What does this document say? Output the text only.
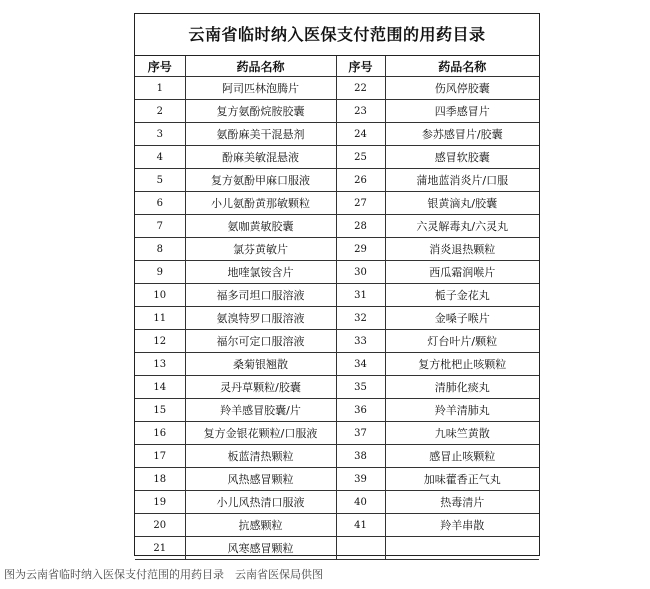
云南省临时纳入医保支付范围的用药目录
序号	药品名称	序号	药品名称
1	阿司匹林泡腾片	22	伤风停胶囊
2	复方氨酚烷胺胶囊	23	四季感冒片
3	氨酚麻美干混悬剂	24	参苏感冒片/胶囊
4	酚麻美敏混悬液	25	感冒软胶囊
5	复方氨酚甲麻口服液	26	蒲地蓝消炎片/口服
6	小儿氨酚黄那敏颗粒	27	银黄滴丸/胶囊
7	氨咖黄敏胶囊	28	六灵解毒丸/六灵丸
8	氯芬黄敏片	29	消炎退热颗粒
9	地喹氯铵含片	30	西瓜霜润喉片
10	福多司坦口服溶液	31	栀子金花丸
11	氨溴特罗口服溶液	32	金嗓子喉片
12	福尔可定口服溶液	33	灯台叶片/颗粒
13	桑菊银翘散	34	复方枇杷止咳颗粒
14	灵丹草颗粒/胶囊	35	清肺化痰丸
15	羚羊感冒胶囊/片	36	羚羊清肺丸
16	复方金银花颗粒/口服液	37	九味竺黄散
17	板蓝清热颗粒	38	感冒止咳颗粒
18	风热感冒颗粒	39	加味藿香正气丸
19	小儿风热清口服液	40	热毒清片
20	抗感颗粒	41	羚羊串散
21	风寒感冒颗粒		
图为云南省临时纳入医保支付范围的用药目录　云南省医保局供图
